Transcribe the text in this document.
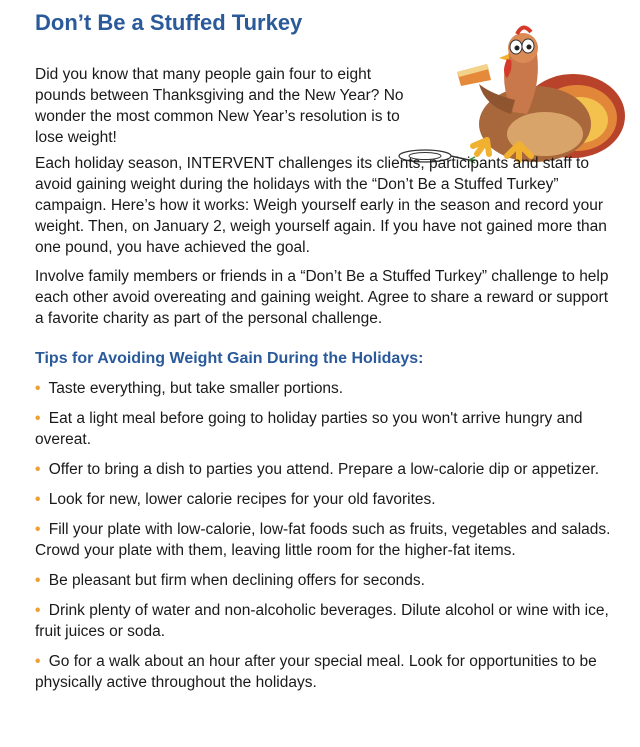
Don’t Be a Stuffed Turkey

Did you know that many people gain four to eight pounds between Thanksgiving and the New Year? No wonder the most common New Year’s resolution is to lose weight!

Each holiday season, INTERVENT challenges its clients, participants and staff to avoid gaining weight during the holidays with the “Don’t Be a Stuffed Turkey” campaign. Here’s how it works: Weigh yourself early in the season and record your weight. Then, on January 2, weigh yourself again. If you have not gained more than one pound, you have achieved the goal.

Involve family members or friends in a “Don’t Be a Stuffed Turkey” challenge to help each other avoid overeating and gaining weight. Agree to share a reward or support a favorite charity as part of the personal challenge.

Tips for Avoiding Weight Gain During the Holidays:
• Taste everything, but take smaller portions.
• Eat a light meal before going to holiday parties so you won't arrive hungry and overeat.
• Offer to bring a dish to parties you attend. Prepare a low-calorie dip or appetizer.
• Look for new, lower calorie recipes for your old favorites.
• Fill your plate with low-calorie, low-fat foods such as fruits, vegetables and salads. Crowd your plate with them, leaving little room for the higher-fat items.
• Be pleasant but firm when declining offers for seconds.
• Drink plenty of water and non-alcoholic beverages. Dilute alcohol or wine with ice, fruit juices or soda.
• Go for a walk about an hour after your special meal. Look for opportunities to be physically active throughout the holidays.
